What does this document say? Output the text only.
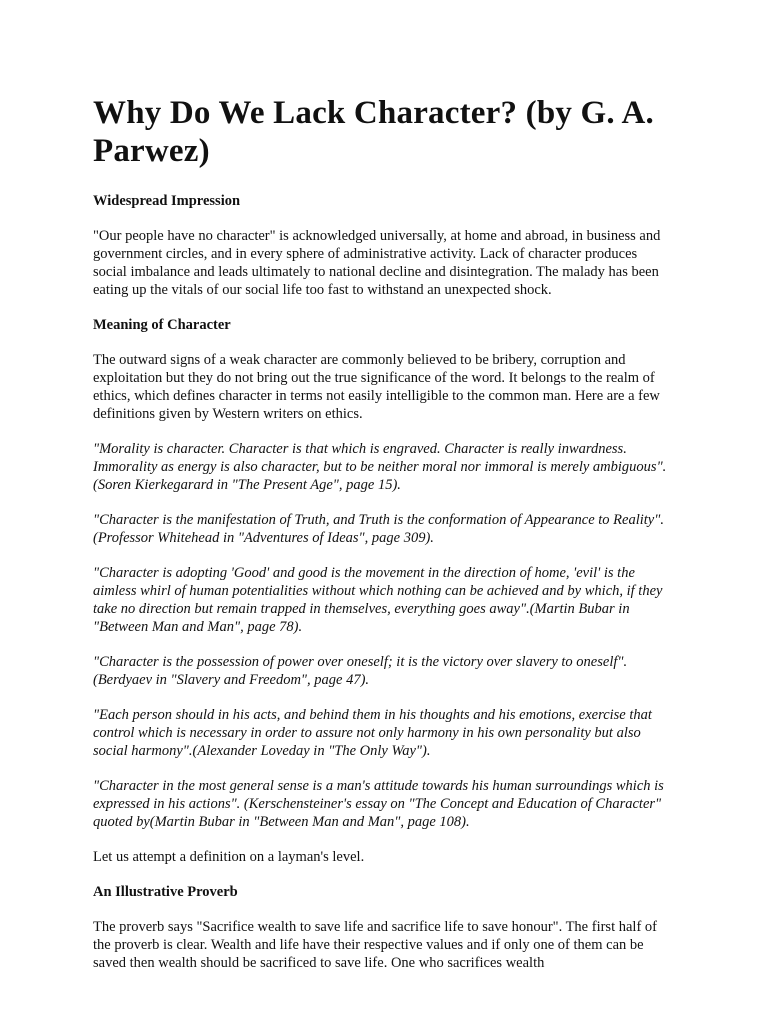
Why Do We Lack Character? (by G. A. Parwez)
Widespread Impression

"Our people have no character" is acknowledged universally, at home and abroad, in business and government circles, and in every sphere of administrative activity. Lack of character produces social imbalance and leads ultimately to national decline and disintegration. The malady has been eating up the vitals of our social life too fast to withstand an unexpected shock.

Meaning of Character

The outward signs of a weak character are commonly believed to be bribery, corruption and exploitation but they do not bring out the true significance of the word. It belongs to the realm of ethics, which defines character in terms not easily intelligible to the common man. Here are a few definitions given by Western writers on ethics.

"Morality is character. Character is that which is engraved. Character is really inwardness. Immorality as energy is also character, but to be neither moral nor immoral is merely ambiguous".(Soren Kierkegarard in "The Present Age", page 15).

"Character is the manifestation of Truth, and Truth is the conformation of Appearance to Reality".(Professor Whitehead in "Adventures of Ideas", page 309).

"Character is adopting 'Good' and good is the movement in the direction of home, 'evil' is the aimless whirl of human potentialities without which nothing can be achieved and by which, if they take no direction but remain trapped in themselves, everything goes away".(Martin Bubar in "Between Man and Man", page 78).

"Character is the possession of power over oneself; it is the victory over slavery to oneself". (Berdyaev in "Slavery and Freedom", page 47).

"Each person should in his acts, and behind them in his thoughts and his emotions, exercise that control which is necessary in order to assure not only harmony in his own personality but also social harmony".(Alexander Loveday in "The Only Way").

"Character in the most general sense is a man's attitude towards his human surroundings which is expressed in his actions". (Kerschensteiner's essay on "The Concept and Education of Character" quoted by(Martin Bubar in "Between Man and Man", page 108).

Let us attempt a definition on a layman's level.

An Illustrative Proverb

The proverb says "Sacrifice wealth to save life and sacrifice life to save honour". The first half of the proverb is clear. Wealth and life have their respective values and if only one of them can be saved then wealth should be sacrificed to save life. One who sacrifices wealth
